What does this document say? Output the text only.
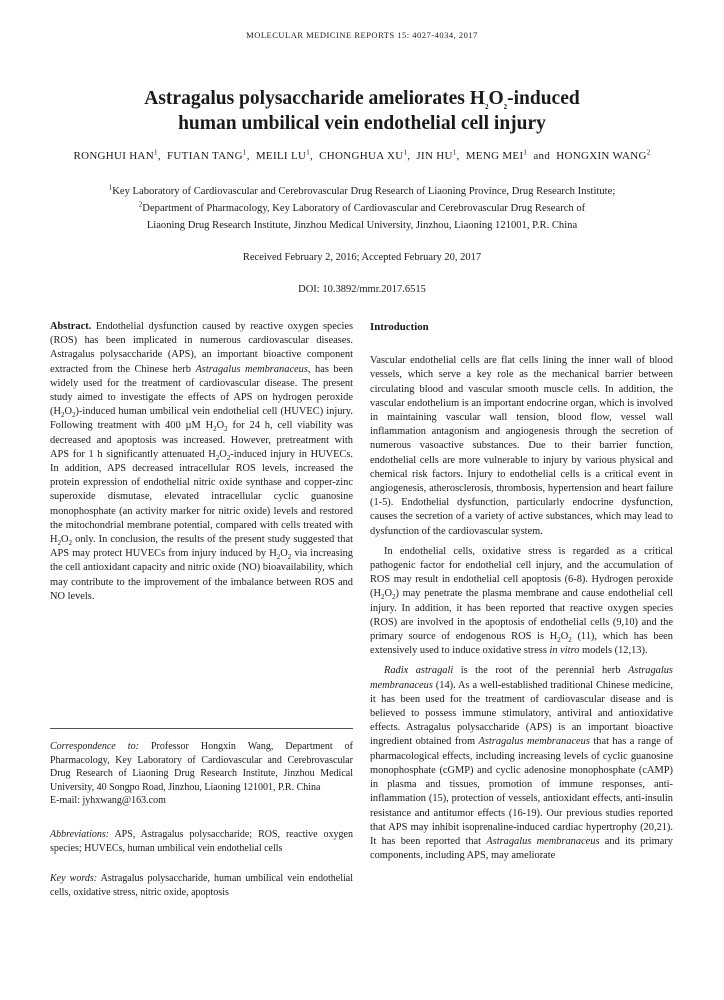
MOLECULAR MEDICINE REPORTS 15: 4027-4034, 2017
Astragalus polysaccharide ameliorates $H_2O_2$-induced
human umbilical vein endothelial cell injury
RONGHUI HAN$^1$,  FUTIAN TANG$^1$,  MEILI $LU^1$,  CHONGHUA $XU^1$,  JIN $HU^1$,  MENG MEI$^1$ and HONGXIN WANG$^2$
$^1$Key Laboratory of Cardiovascular and Cerebrovascular Drug Research of Liaoning Province, Drug Research Institute;
$^2$Department of Pharmacology, Key Laboratory of Cardiovascular and Cerebrovascular Drug Research of
Liaoning Drug Research Institute, Jinzhou Medical University, Jinzhou, Liaoning 121001, P.R. China
Received February 2, 2016; Accepted February 20, 2017
DOI: 10.3892/mmr.2017.6515

Abstract. Endothelial dysfunction caused by reactive oxygen species (ROS) has been implicated in numerous cardiovascular diseases. Astragalus polysaccharide (APS), an important bioactive component extracted from the Chinese herb Astragalus membranaceus, has been widely used for the treatment of cardiovascular disease. The present study aimed to investigate the effects of APS on hydrogen peroxide $(H_2O_2)$-induced human umbilical vein endothelial cell (HUVEC) injury. Following treatment with 400 µM $H_2O_2$ for 24 h, cell viability was decreased and apoptosis was increased. However, pretreatment with APS for 1 h significantly attenuated $H_2O_2$-induced injury in HUVECs. In addition, APS decreased intracellular ROS levels, increased the protein expression of endothelial nitric oxide synthase and copper-zinc superoxide dismutase, elevated intracellular cyclic guanosine monophosphate (an activity marker for nitric oxide) levels and restored the mitochondrial membrane potential, compared with cells treated with $H_2O_2$ only. In conclusion, the results of the present study suggested that APS may protect HUVECs from injury induced by $H_2O_2$ via increasing the cell antioxidant capacity and nitric oxide (NO) bioavailability, which may contribute to the improvement of the imbalance between ROS and NO levels.

Correspondence to: Professor Hongxin Wang, Department of Pharmacology, Key Laboratory of Cardiovascular and Cerebrovascular Drug Research of Liaoning Drug Research Institute, Jinzhou Medical University, 40 Songpo Road, Jinzhou, Liaoning 121001, P.R. China
E-mail: jyhxwang@163.com
Abbreviations: APS, Astragalus polysaccharide; ROS, reactive oxygen species; HUVECs, human umbilical vein endothelial cells
Key words: Astragalus polysaccharide, human umbilical vein endothelial cells, oxidative stress, nitric oxide, apoptosis
Introduction

Vascular endothelial cells are flat cells lining the inner wall of blood vessels, which serve a key role as the mechanical barrier between circulating blood and vascular smooth muscle cells. In addition, the vascular endothelium is an important endocrine organ, which is involved in maintaining vascular wall tension, blood flow, vessel wall inflammation antagonism and angiogenesis through the secretion of numerous vasoactive substances. Due to their barrier function, endothelial cells are more vulnerable to injury by various physical and chemical risk factors. Injury to endothelial cells is a critical event in angiogenesis, atherosclerosis, thrombosis, hypertension and heart failure (1-5). Endothelial dysfunction, particularly endocrine dysfunction, causes the secretion of a variety of active substances, which may lead to dysfunction of the cardiovascular system.

In endothelial cells, oxidative stress is regarded as a critical pathogenic factor for endothelial cell injury, and the accumulation of ROS may result in endothelial cell apoptosis (6-8). Hydrogen peroxide $(H_2O_2)$ may penetrate the plasma membrane and cause endothelial cell injury. In addition, it has been reported that reactive oxygen species (ROS) are involved in the apoptosis of endothelial cells (9,10) and the primary source of endogenous ROS is $H_2O_2$ (11), which has been extensively used to induce oxidative stress in vitro models (12,13).

Radix astragali is the root of the perennial herb Astragalus membranaceus (14). As a well-established traditional Chinese medicine, it has been used for the treatment of cardiovascular disease and is believed to possess immune stimulatory, antiviral and antioxidative effects. Astragalus polysaccharide (APS) is an important bioactive ingredient obtained from Astragalus membranaceus that has a range of pharmacological effects, including increasing levels of cyclic guanosine monophosphate (cGMP) and cyclic adenosine monophosphate (cAMP) in plasma and tissues, promotion of immune responses, anti-inflammation (15), protection of vessels, antioxidant effects, anti-insulin resistance and antitumor effects (16-19). Our previous studies reported that APS may inhibit isoprenaline-induced cardiac hypertrophy (20,21). It has been reported that Astragalus membranaceus and its primary components, including APS, may ameliorate
